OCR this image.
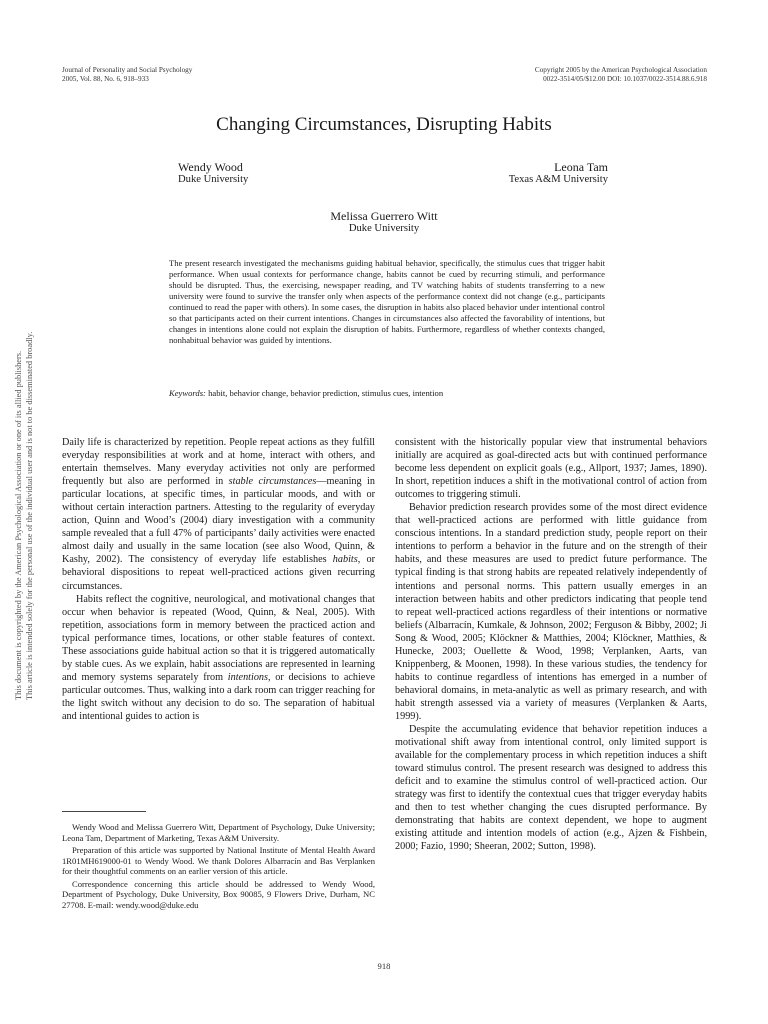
Journal of Personality and Social Psychology
2005, Vol. 88, No. 6, 918–933
Copyright 2005 by the American Psychological Association
0022-3514/05/$12.00 DOI: 10.1037/0022-3514.88.6.918
Changing Circumstances, Disrupting Habits
Wendy Wood
Duke University
Leona Tam
Texas A&M University
Melissa Guerrero Witt
Duke University
The present research investigated the mechanisms guiding habitual behavior, specifically, the stimulus cues that trigger habit performance. When usual contexts for performance change, habits cannot be cued by recurring stimuli, and performance should be disrupted. Thus, the exercising, newspaper reading, and TV watching habits of students transferring to a new university were found to survive the transfer only when aspects of the performance context did not change (e.g., participants continued to read the paper with others). In some cases, the disruption in habits also placed behavior under intentional control so that participants acted on their current intentions. Changes in circumstances also affected the favorability of intentions, but changes in intentions alone could not explain the disruption of habits. Furthermore, regardless of whether contexts changed, nonhabitual behavior was guided by intentions.
Keywords: habit, behavior change, behavior prediction, stimulus cues, intention
This document is copyrighted by the American Psychological Association or one of its allied publishers. This article is intended solely for the personal use of the individual user and is not to be disseminated broadly.	Daily life is characterized by repetition. People repeat actions as they fulfill everyday responsibilities at work and at home, interact with others, and entertain themselves. Many everyday activities not only are performed frequently but also are performed in stable circumstances—meaning in particular locations, at specific times, in particular moods, and with or without certain interaction partners. Attesting to the regularity of everyday action, Quinn and Wood’s (2004) diary investigation with a community sample revealed that a full 47% of participants’ daily activities were enacted almost daily and usually in the same location (see also Wood, Quinn, & Kashy, 2002). The consistency of everyday life establishes habits, or behavioral dispositions to repeat well-practiced actions given recurring circumstances.

Habits reflect the cognitive, neurological, and motivational changes that occur when behavior is repeated (Wood, Quinn, & Neal, 2005). With repetition, associations form in memory between the practiced action and typical performance times, locations, or other stable features of context. These associations guide habitual action so that it is triggered automatically by stable cues. As we explain, habit associations are represented in learning and memory systems separately from intentions, or decisions to achieve particular outcomes. Thus, walking into a dark room can trigger reaching for the light switch without any decision to do so. The separation of habitual and intentional guides to action is

consistent with the historically popular view that instrumental behaviors initially are acquired as goal-directed acts but with continued performance become less dependent on explicit goals (e.g., Allport, 1937; James, 1890). In short, repetition induces a shift in the motivational control of action from outcomes to triggering stimuli.

Behavior prediction research provides some of the most direct evidence that well-practiced actions are performed with little guidance from conscious intentions. In a standard prediction study, people report on their intentions to perform a behavior in the future and on the strength of their habits, and these measures are used to predict future performance. The typical finding is that strong habits are repeated relatively independently of intentions and personal norms. This pattern usually emerges in an interaction between habits and other predictors indicating that people tend to repeat well-practiced actions regardless of their intentions or normative beliefs (Albarracín, Kumkale, & Johnson, 2002; Ferguson & Bibby, 2002; Ji Song & Wood, 2005; Klöckner & Matthies, 2004; Klöckner, Matthies, & Hunecke, 2003; Ouellette & Wood, 1998; Verplanken, Aarts, van Knippenberg, & Moonen, 1998). In these various studies, the tendency for habits to continue regardless of intentions has emerged in a number of behavioral domains, in meta-analytic as well as primary research, and with habit strength assessed via a variety of measures (Verplanken & Aarts, 1999).

Despite the accumulating evidence that behavior repetition induces a motivational shift away from intentional control, only limited support is available for the complementary process in which repetition induces a shift toward stimulus control. The present research was designed to address this deficit and to examine the stimulus control of well-practiced action. Our strategy was first to identify the contextual cues that trigger everyday habits and then to test whether changing the cues disrupted performance. By demonstrating that habits are context dependent, we hope to augment existing attitude and intention models of action (e.g., Ajzen & Fishbein, 2000; Fazio, 1990; Sheeran, 2002; Sutton, 1998).

Wendy Wood and Melissa Guerrero Witt, Department of Psychology, Duke University; Leona Tam, Department of Marketing, Texas A&M University.

Preparation of this article was supported by National Institute of Mental Health Award 1R01MH619000-01 to Wendy Wood. We thank Dolores Albarracín and Bas Verplanken for their thoughtful comments on an earlier version of this article.

Correspondence concerning this article should be addressed to Wendy Wood, Department of Psychology, Duke University, Box 90085, 9 Flowers Drive, Durham, NC 27708. E-mail: wendy.wood@duke.edu

918
